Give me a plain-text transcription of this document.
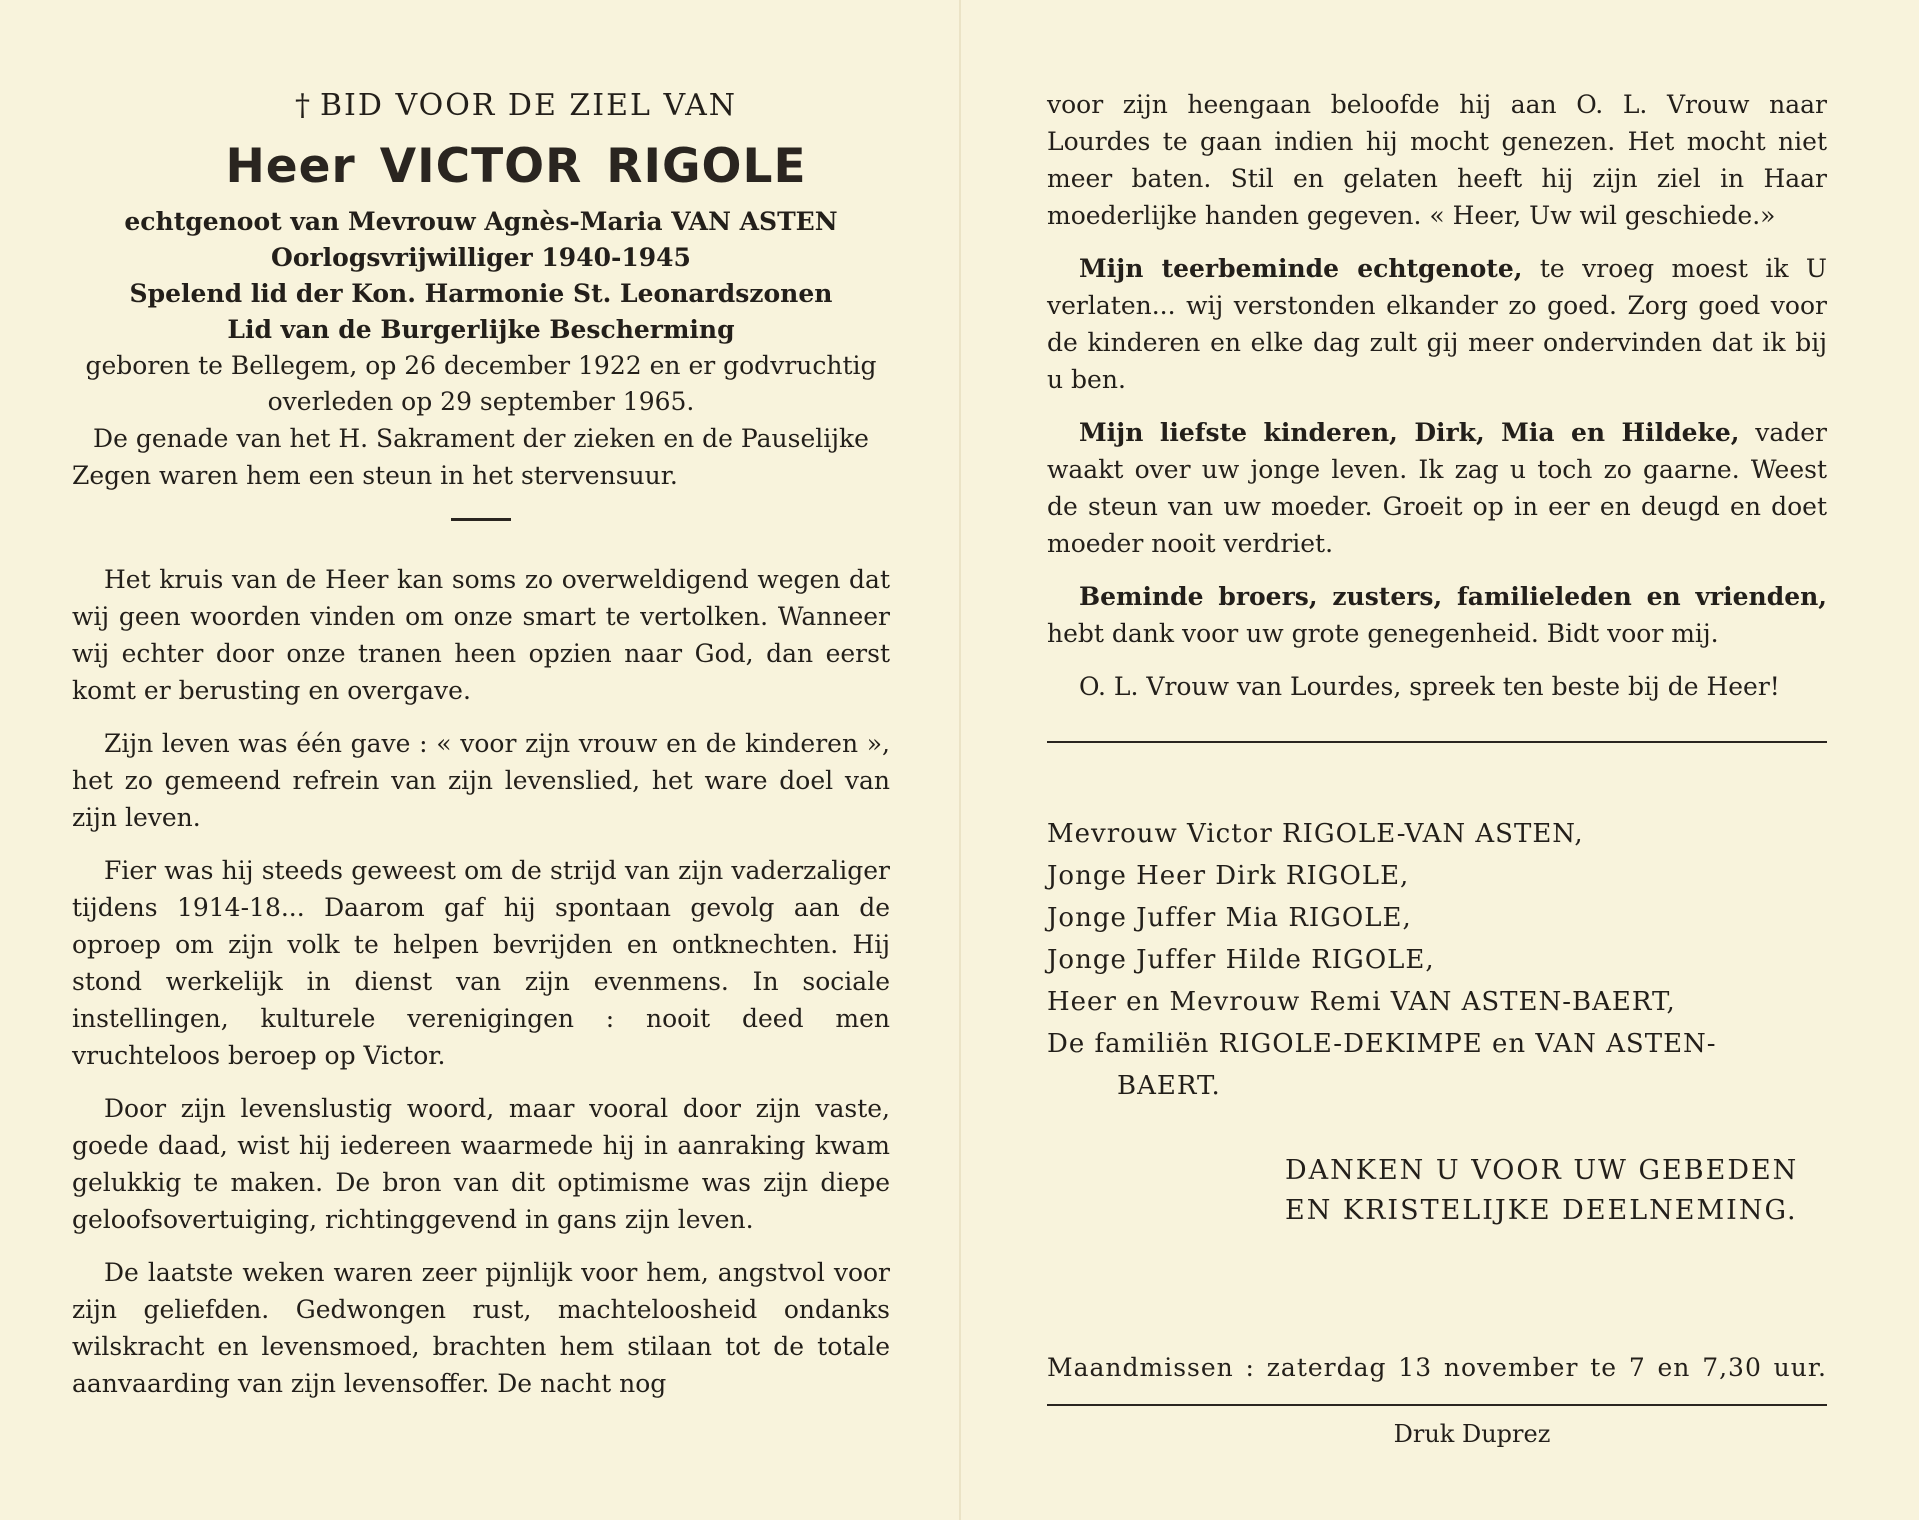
† BID VOOR DE ZIEL VAN

Heer VICTOR RIGOLE

echtgenoot van Mevrouw Agnès-Maria VAN ASTEN

Oorlogsvrijwilliger 1940-1945

Spelend lid der Kon. Harmonie St. Leonardszonen

Lid van de Burgerlijke Bescherming

geboren te Bellegem, op 26 december 1922 en er godvruchtig

overleden op 29 september 1965.

De genade van het H. Sakrament der zieken en de Pauselijke Zegen waren hem een steun in het stervensuur.

Het kruis van de Heer kan soms zo overweldigend wegen dat wij geen woorden vinden om onze smart te vertolken. Wanneer wij echter door onze tranen heen opzien naar God, dan eerst komt er berusting en overgave.

Zijn leven was één gave : « voor zijn vrouw en de kinderen », het zo gemeend refrein van zijn levenslied, het ware doel van zijn leven.

Fier was hij steeds geweest om de strijd van zijn vaderzaliger tijdens 1914-18... Daarom gaf hij spontaan gevolg aan de oproep om zijn volk te helpen bevrijden en ontknechten. Hij stond werkelijk in dienst van zijn evenmens. In sociale instellingen, kulturele verenigingen : nooit deed men vruchteloos beroep op Victor.

Door zijn levenslustig woord, maar vooral door zijn vaste, goede daad, wist hij iedereen waarmede hij in aanraking kwam gelukkig te maken. De bron van dit optimisme was zijn diepe geloofsovertuiging, richtinggevend in gans zijn leven.

De laatste weken waren zeer pijnlijk voor hem, angstvol voor zijn geliefden. Gedwongen rust, machteloosheid ondanks wilskracht en levensmoed, brachten hem stilaan tot de totale aanvaarding van zijn levensoffer. De nacht nog

voor zijn heengaan beloofde hij aan O. L. Vrouw naar Lourdes te gaan indien hij mocht genezen. Het mocht niet meer baten. Stil en gelaten heeft hij zijn ziel in Haar moederlijke handen gegeven. « Heer, Uw wil geschiede.»

Mijn teerbeminde echtgenote, te vroeg moest ik U verlaten... wij verstonden elkander zo goed. Zorg goed voor de kinderen en elke dag zult gij meer ondervinden dat ik bij u ben.

Mijn liefste kinderen, Dirk, Mia en Hildeke, vader waakt over uw jonge leven. Ik zag u toch zo gaarne. Weest de steun van uw moeder. Groeit op in eer en deugd en doet moeder nooit verdriet.

Beminde broers, zusters, familieleden en vrienden, hebt dank voor uw grote genegenheid. Bidt voor mij.

O. L. Vrouw van Lourdes, spreek ten beste bij de Heer!

Mevrouw Victor RIGOLE-VAN ASTEN,
Jonge Heer Dirk RIGOLE,
Jonge Juffer Mia RIGOLE,
Jonge Juffer Hilde RIGOLE,
Heer en Mevrouw Remi VAN ASTEN-BAERT,
De familiën RIGOLE-DEKIMPE en VAN ASTEN-
BAERT.

DANKEN U VOOR UW GEBEDEN

EN KRISTELIJKE DEELNEMING.

Maandmissen : zaterdag 13 november te 7 en 7,30 uur.

Druk Duprez
